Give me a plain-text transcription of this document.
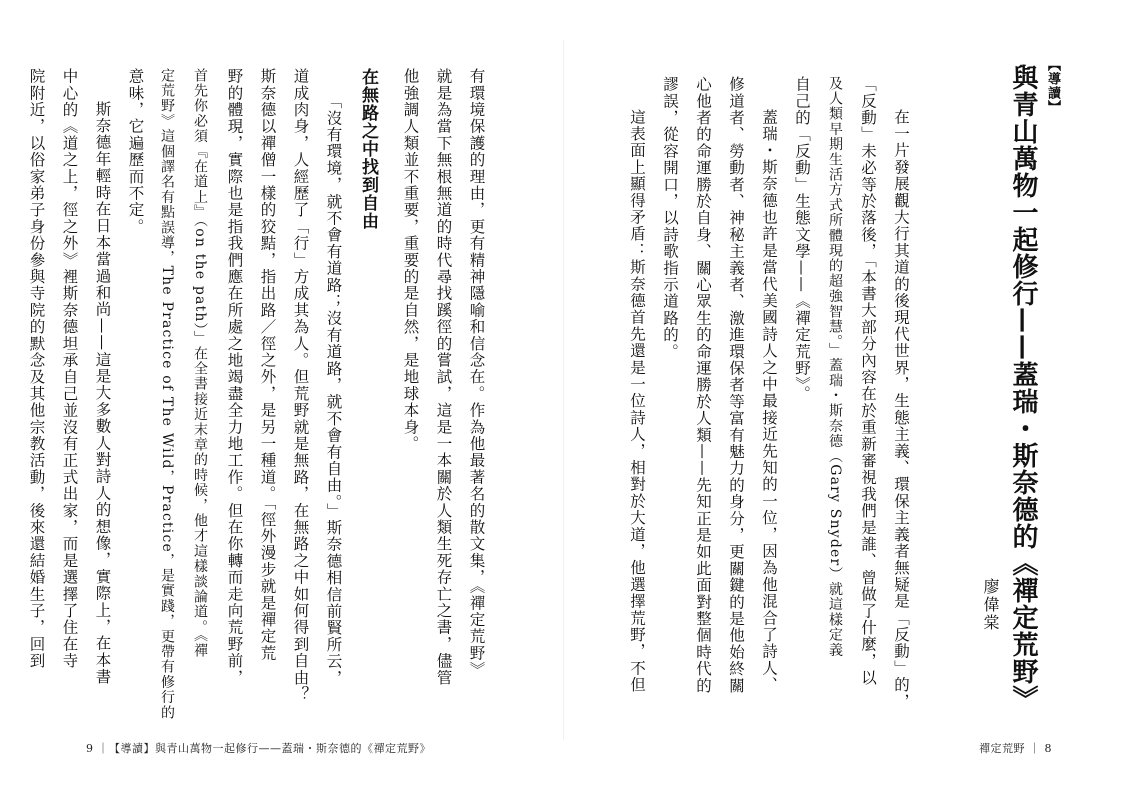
【導讀】
與青山萬物一起修行——蓋瑞・斯奈德的《禪定荒野》
廖偉棠
　在一片發展觀大行其道的後現代世界，生態主義、環保主義者無疑是「反動」的，
「反動」未必等於落後，「本書大部分內容在於重新審視我們是誰、曾做了什麼，以
及人類早期生活方式所體現的超強智慧。」蓋瑞・斯奈德（Gary Snyder）就這樣定義
自己的「反動」生態文學——《禪定荒野》。
　蓋瑞・斯奈德也許是當代美國詩人之中最接近先知的一位，因為他混合了詩人、
修道者、勞動者、神秘主義者、激進環保者等富有魅力的身分，更關鍵的是他始終關
心他者的命運勝於自身、關心眾生的命運勝於人類——先知正是如此面對整個時代的
謬誤，從容開口，以詩歌指示道路的。
　這表面上顯得矛盾：斯奈德首先還是一位詩人，相對於大道，他選擇荒野，不但
有環境保護的理由，更有精神隱喻和信念在。作為他最著名的散文集，《禪定荒野》
就是為當下無根無道的時代尋找蹊徑的嘗試，這是一本關於人類生死存亡之書，儘管
他強調人類並不重要，重要的是自然，是地球本身。
在無路之中找到自由
　「沒有環境，就不會有道路；沒有道路，就不會有自由。」斯奈德相信前賢所云，
道成肉身，人經歷了「行」方成其為人。但荒野就是無路，在無路之中如何得到自由？
斯奈德以禪僧一樣的狡黠，指出路／徑之外，是另一種道。「徑外漫步就是禪定荒
野的體現，實際也是指我們應在所處之地竭盡全力地工作。但在你轉而走向荒野前，
首先你必須『在道上』（on the path）」在全書接近末章的時候，他才這樣談論道。《禪
定荒野》這個譯名有點誤導，The Practice of The Wild，Practice，是實踐，更帶有修行的
意味，它遍歷而不定。
　斯奈德年輕時在日本當過和尚——這是大多數人對詩人的想像，實際上，在本書
中心的《道之上，徑之外》裡斯奈德坦承自己並沒有正式出家，而是選擇了住在寺
院附近，以俗家弟子身份參與寺院的默念及其他宗教活動，後來還結婚生子，回到
9 ｜【導讀】與青山萬物一起修行——蓋瑞・斯奈德的《禪定荒野》	禪定荒野 ｜ 8
